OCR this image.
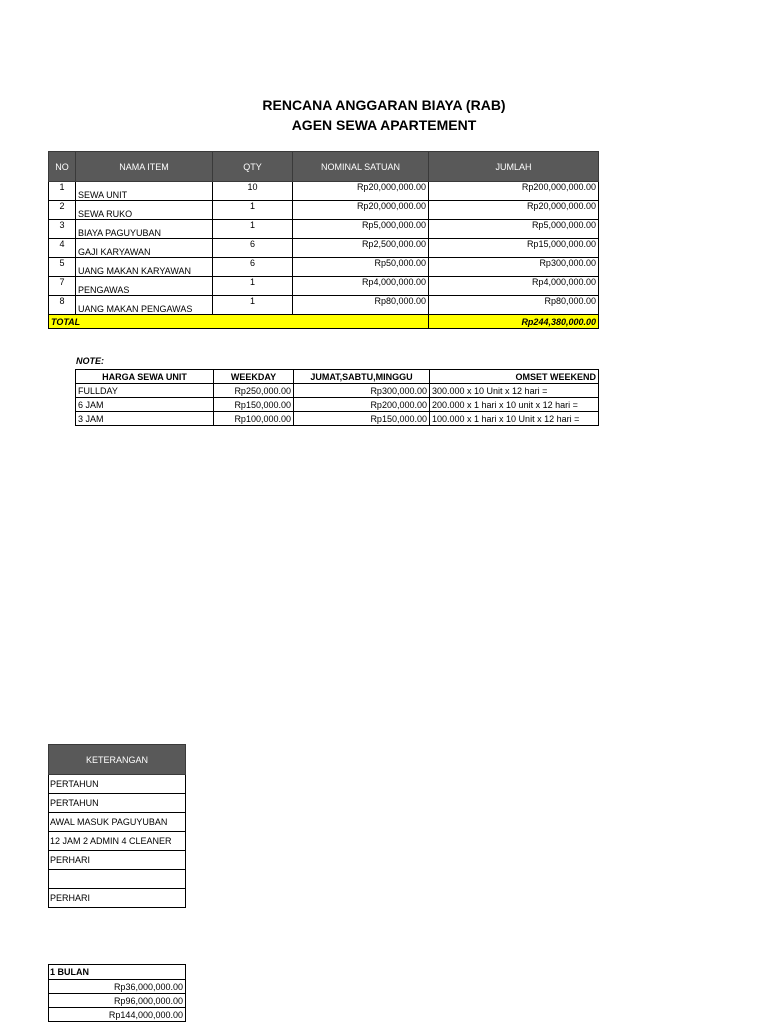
RENCANA ANGGARAN BIAYA (RAB)
AGEN SEWA APARTEMENT
NO	NAMA ITEM	QTY	NOMINAL SATUAN	JUMLAH
1	SEWA UNIT	10	Rp20,000,000.00	Rp200,000,000.00
2	SEWA RUKO	1	Rp20,000,000.00	Rp20,000,000.00
3	BIAYA PAGUYUBAN	1	Rp5,000,000.00	Rp5,000,000.00
4	GAJI KARYAWAN	6	Rp2,500,000.00	Rp15,000,000.00
5	UANG MAKAN KARYAWAN	6	Rp50,000.00	Rp300,000.00
7	PENGAWAS	1	Rp4,000,000.00	Rp4,000,000.00
8	UANG MAKAN PENGAWAS	1	Rp80,000.00	Rp80,000.00
TOTAL				Rp244,380,000.00
NOTE:
HARGA SEWA UNIT	WEEKDAY	JUMAT,SABTU,MINGGU	OMSET WEEKEND
FULLDAY	Rp250,000.00	Rp300,000.00	300.000 x 10 Unit x 12 hari =
6 JAM	Rp150,000.00	Rp200,000.00	200.000 x 1 hari x 10 unit x 12 hari =
3 JAM	Rp100,000.00	Rp150,000.00	100.000 x 1 hari x 10 Unit x 12 hari =
KETERANGAN
PERTAHUN
PERTAHUN
AWAL MASUK PAGUYUBAN
12 JAM 2 ADMIN 4 CLEANER
PERHARI

PERHARI
1 BULAN
Rp36,000,000.00
Rp96,000,000.00
Rp144,000,000.00
